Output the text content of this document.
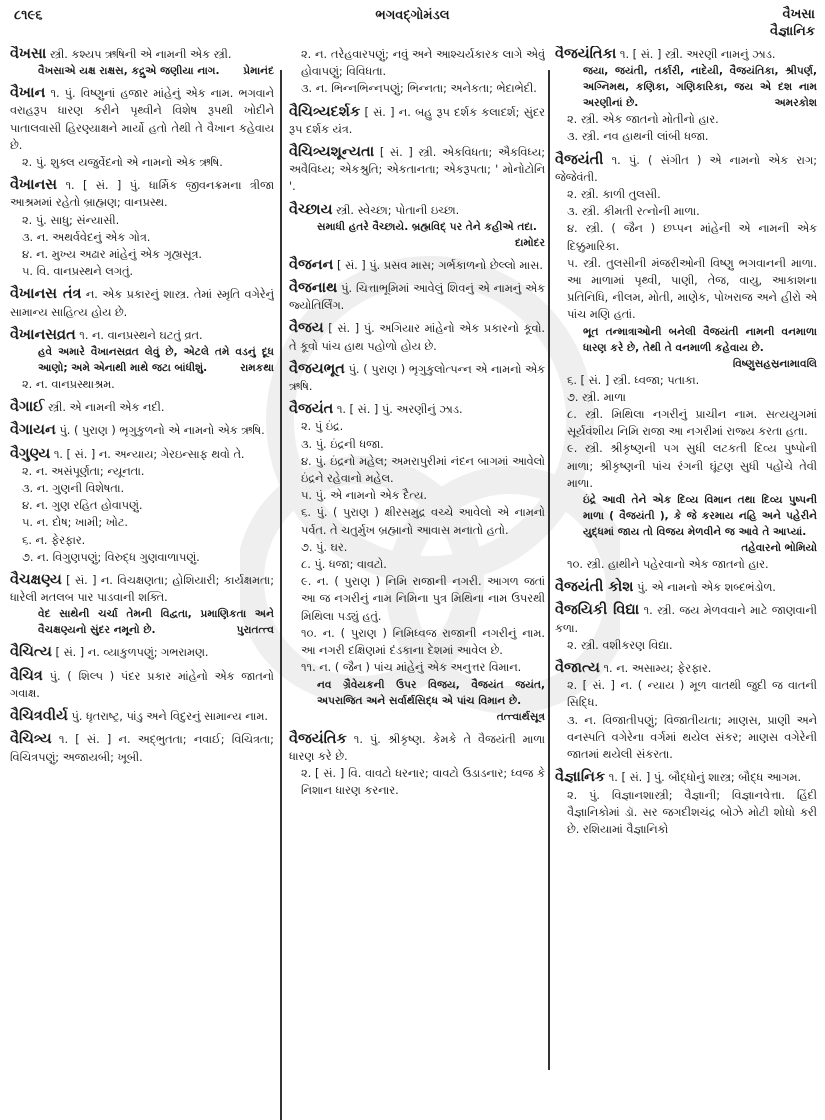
૮૧૯૬	ભગવદ્ગોમંડલ	વૈખસા
વૈજ્ઞાનિક
વૈખસા સ્ત્રી. કશ્યપ ઋષિની એ નામની એક સ્ત્રી.
વૈખસાએ યક્ષ રાક્ષસ, કદ્રુએ જણીયા નાગ. પ્રેમાનંદ
વૈખાન ૧. પું. વિષ્ણુનાં હજાર માંહેનું એક નામ. ભગવાને વરાહરૂપ ધારણ કરીને પૃથ્વીને વિશેષ રૂપથી ખોદીને પાતાલવાસી હિરણ્યાક્ષને માર્યો હતો તેથી તે વૈખાન કહેવાય છે.
૨. પું. શુક્લ યજુર્વેદનો એ નામનો એક ઋષિ.
વૈખાનસ ૧. [ સં. ] પું. ધાર્મિક જીવનક્રમના ત્રીજા આશ્રમમાં રહેતો બ્રાહ્મણ; વાનપ્રસ્થ.
૨. પું. સાધુ; સંન્યાસી.
૩. ન. અથર્વવેદનું એક ગોત્ર.
૪. ન. મુખ્ય અઢાર માંહેનું એક ગૃહ્યસૂત્ર.
૫. વિ. વાનપ્રસ્થને લગતું.
વૈખાનસ તંત્ર ન. એક પ્રકારનું શાસ્ત્ર. તેમાં સ્મૃતિ વગેરેનું સામાન્ય સાહિત્ય હોય છે.
વૈખાનસવ્રત ૧. ન. વાનપ્રસ્થને ઘટતું વ્રત.
હવે અમારે વૈખાનસવ્રત લેવું છે, એટલે તમે વડનું દૂધ આણો; અમે એનાથી માથે જટા બાંધીશું.	રામકથા
૨. ન. વાનપ્રસ્થાશ્રમ.
વૈગાઈ સ્ત્રી. એ નામની એક નદી.
વૈગાયન પું. ( પુરાણ ) ભૃગુકુળનો એ નામનો એક ઋષિ.
વૈગુણ્ય ૧. [ સં. ] ન. અન્યાય; ગેરઇન્સાફ થવો તે.
૨. ન. અસંપૂર્ણતા; ન્યૂનતા.
૩. ન. ગુણની વિશેષતા.
૪. ન. ગુણ રહિત હોવાપણું.
૫. ન. દોષ; ખામી; ખોટ.
૬. ન. ફેરફાર.
૭. ન. વિગુણપણું; વિરુદ્ધ ગુણવાળાપણું.
વૈચક્ષણ્ય [ સં. ] ન. વિચક્ષણતા; હોશિયારી; કાર્યક્ષમતા; ધારેલી મતલબ પાર પાડવાની શક્તિ.
વેદ સાથેની ચર્ચા તેમની વિદ્વતા, પ્રમાણિકતા અને વૈચક્ષણ્યનો સુંદર નમૂનો છે.	પુરાતત્ત્વ
વૈચિત્ય [ સં. ] ન. વ્યાકુળપણું; ગભરામણ.
વૈચિત્ર પું. ( શિલ્પ ) પંદર પ્રકાર માંહેનો એક જાતનો ગવાક્ષ.
વૈચિત્રવીર્ય પું. ધૃતરાષ્ટ્ર, પાંડુ અને વિદુરનું સામાન્ય નામ.
વૈચિત્ર્ય ૧. [ સં. ] ન. અદ્ભુતતા; નવાઈ; વિચિત્રતા; વિચિત્રપણું; અજાયબી; ખૂબી.
૨. ન. તરેહવારપણું; નવું અને આશ્ચર્યકારક લાગે એવું હોવાપણું; વિવિધતા.
૩. ન. ભિન્નભિન્નપણું; ભિન્નતા; અનેકતા; ભેદાભેદી.
વૈચિત્ર્યદર્શક [ સં. ] ન. બહુ રૂપ દર્શક કલાદર્શ; સુંદર રૂપ દર્શક યંત્ર.
વૈચિત્ર્યશૂન્યતા [ સં. ] સ્ત્રી. એકવિધતા; ઐકવિધ્ય; અવૈવિધ્ય; એકશ્રુતિ; એકતાનતા; એકરૂપતા; ' મોનોટોનિ '.
વૈચ્છાય સ્ત્રી. સ્વેચ્છા; પોતાની ઇચ્છા.
સમાધી હતરે વૈચ્છાયે. બ્રહ્મવિદ્ પર તેને કહીએ તદા.
દામોદર
વૈજનન [ સં. ] પું. પ્રસવ માસ; ગર્ભકાળનો છેલ્લો માસ.
વૈજનાથ પું. ચિત્તાભૂમિમાં આવેલું શિવનું એ નામનું એક જ્યોતિર્લિંગ.
વૈજય [ સં. ] પું. અગિયાર માંહેનો એક પ્રકારનો કૂવો. તે કૂવો પાંચ હાથ પહોળો હોય છે.
વૈજયભૂત પું. ( પુરાણ ) ભૃગુકુલોત્પન્ન એ નામનો એક ઋષિ.
વૈજયંત ૧. [ સં. ] પું. અરણીનું ઝાડ.
૨. પું ઇંદ્ર.
૩. પું. ઇંદ્રની ધજા.
૪. પું. ઇંદ્રનો મહેલ; અમરાપુરીમાં નંદન બાગમાં આવેલો ઇંદ્રને રહેવાનો મહેલ.
૫. પું. એ નામનો એક દૈત્ય.
૬. પું. ( પુરાણ ) ક્ષીરસમુદ્ર વચ્ચે આવેલો એ નામનો પર્વત. તે ચતુર્મુખ બ્રહ્માનો આવાસ મનાતો હતો.
૭. પું. ઘર.
૮. પું. ધજા; વાવટો.
૯. ન. ( પુરાણ ) નિમિ રાજાની નગરી. આગળ જતાં આ જ નગરીનું નામ નિમિના પુત્ર મિથિના નામ ઉપરથી મિથિલા પડ્યું હતું.
૧૦. ન. ( પુરાણ ) નિમિધ્વજ રાજાની નગરીનું નામ. આ નગરી દક્ષિણમાં દંડકાના દેશમાં આવેલ છે.
૧૧. ન. ( જૈન ) પાંચ માંહેનું એક અનુત્તર વિમાન.
નવ ગ્રૈવેયકની ઉપર વિજય, વૈજયંત જયંત, અપરાજિત અને સર્વાર્થસિદ્ધ એ પાંચ વિમાન છે.
તત્ત્વાર્થસૂત્ર
વૈજયંતિક ૧. પું. શ્રીકૃષ્ણ. કેમકે તે વૈજયંતી માળા ધારણ કરે છે.
૨. [ સં. ] વિ. વાવટો ધરનાર; વાવટો ઉડાડનાર; ધ્વજ કે નિશાન ધારણ કરનાર.
વૈજયંતિકા ૧. [ સં. ] સ્ત્રી. અરણી નામનું ઝાડ.
જયા, જયંતી, તર્કારી, નાદેયી, વૈજયંતિકા, શ્રીપર્ણ, અગ્નિમથ, કણિકા, ગણિકારિકા, જય એ દશ નામ અરણીનાં છે.	અમરકોશ
૨. સ્ત્રી. એક જાતનો મોતીનો હાર.
૩. સ્ત્રી. નવ હાથની લાંબી ધજા.
વૈજયંતી ૧. પું. ( સંગીત ) એ નામનો એક રાગ; જેજેવંતી.
૨. સ્ત્રી. કાળી તુલસી.
૩. સ્ત્રી. કીમતી રત્નોની માળા.
૪. સ્ત્રી. ( જૈન ) છપ્પન માંહેની એ નામની એક દિક્કુમારિકા.
૫. સ્ત્રી. તુલસીની મંજરીઓની વિષ્ણુ ભગવાનની માળા. આ માળામાં પૃથ્વી, પાણી, તેજ, વાયુ, આકાશના પ્રતિનિધિ, નીલમ, મોતી, માણેક, પોખરાજ અને હીરો એ પાંચ મણિ હતાં.
ભૂત તન્માત્રાઓની બનેલી વૈજયંતી નામની વનમાળા ધારણ કરે છે, તેથી તે વનમાળી કહેવાય છે.
વિષ્ણુસહસ્રનામાવલિ
૬. [ સં. ] સ્ત્રી. ધ્વજા; પતાકા.
૭. સ્ત્રી. માળા
૮. સ્ત્રી. મિથિલા નગરીનું પ્રાચીન નામ. સત્યયુગમાં સૂર્યવંશીય નિમિ રાજા આ નગરીમાં રાજ્ય કરતા હતા.
૯. સ્ત્રી. શ્રીકૃષ્ણની પગ સુધી લટકતી દિવ્ય પુષ્પોની માળા; શ્રીકૃષ્ણની પાંચ રંગની ઘૂંટણ સુધી પહોંચે તેવી માળા.
ઇંદ્રે આવી તેને એક દિવ્ય વિમાન તથા દિવ્ય પુષ્પની માળા ( વૈજયંતી ), કે જે કરમાય નહિ અને પહેરીને યુદ્ધમાં જાય તો વિજય મેળવીને જ આવે તે આપ્યાં.
તહેવારનો ભોમિયો
૧૦. સ્ત્રી. હાથીને પહેરવાનો એક જાતનો હાર.
વૈજયંતી કોશ પું. એ નામનો એક શબ્દભંડોળ.
વૈજયિકી વિદ્યા ૧. સ્ત્રી. જય મેળવવાને માટે જાણવાની કળા.
૨. સ્ત્રી. વશીકરણ વિદ્યા.
વૈજાત્ય ૧. ન. અસામ્ય; ફેરફાર.
૨. [ સં. ] ન. ( ન્યાય ) મૂળ વાતથી જુદી જ વાતની સિદ્ધિ.
૩. ન. વિજાતીપણું; વિજાતીયતા; માણસ, પ્રાણી અને વનસ્પતિ વગેરેના વર્ગમાં થયેલ સંકર; માણસ વગેરેની જાતમાં થયેલી સંકરતા.
વૈજ્ઞાનિક ૧. [ સં. ] પું. બૌદ્ધોનું શાસ્ત્ર; બૌદ્ધ આગમ.
૨. પું. વિજ્ઞાનશાસ્ત્રી; વૈજ્ઞાની; વિજ્ઞાનવેત્તા. હિંદી વૈજ્ઞાનિકોમાં ડૉ. સર જગદીશચંદ્ર બોઝે મોટી શોધો કરી છે. રશિયામાં વૈજ્ઞાનિકો
